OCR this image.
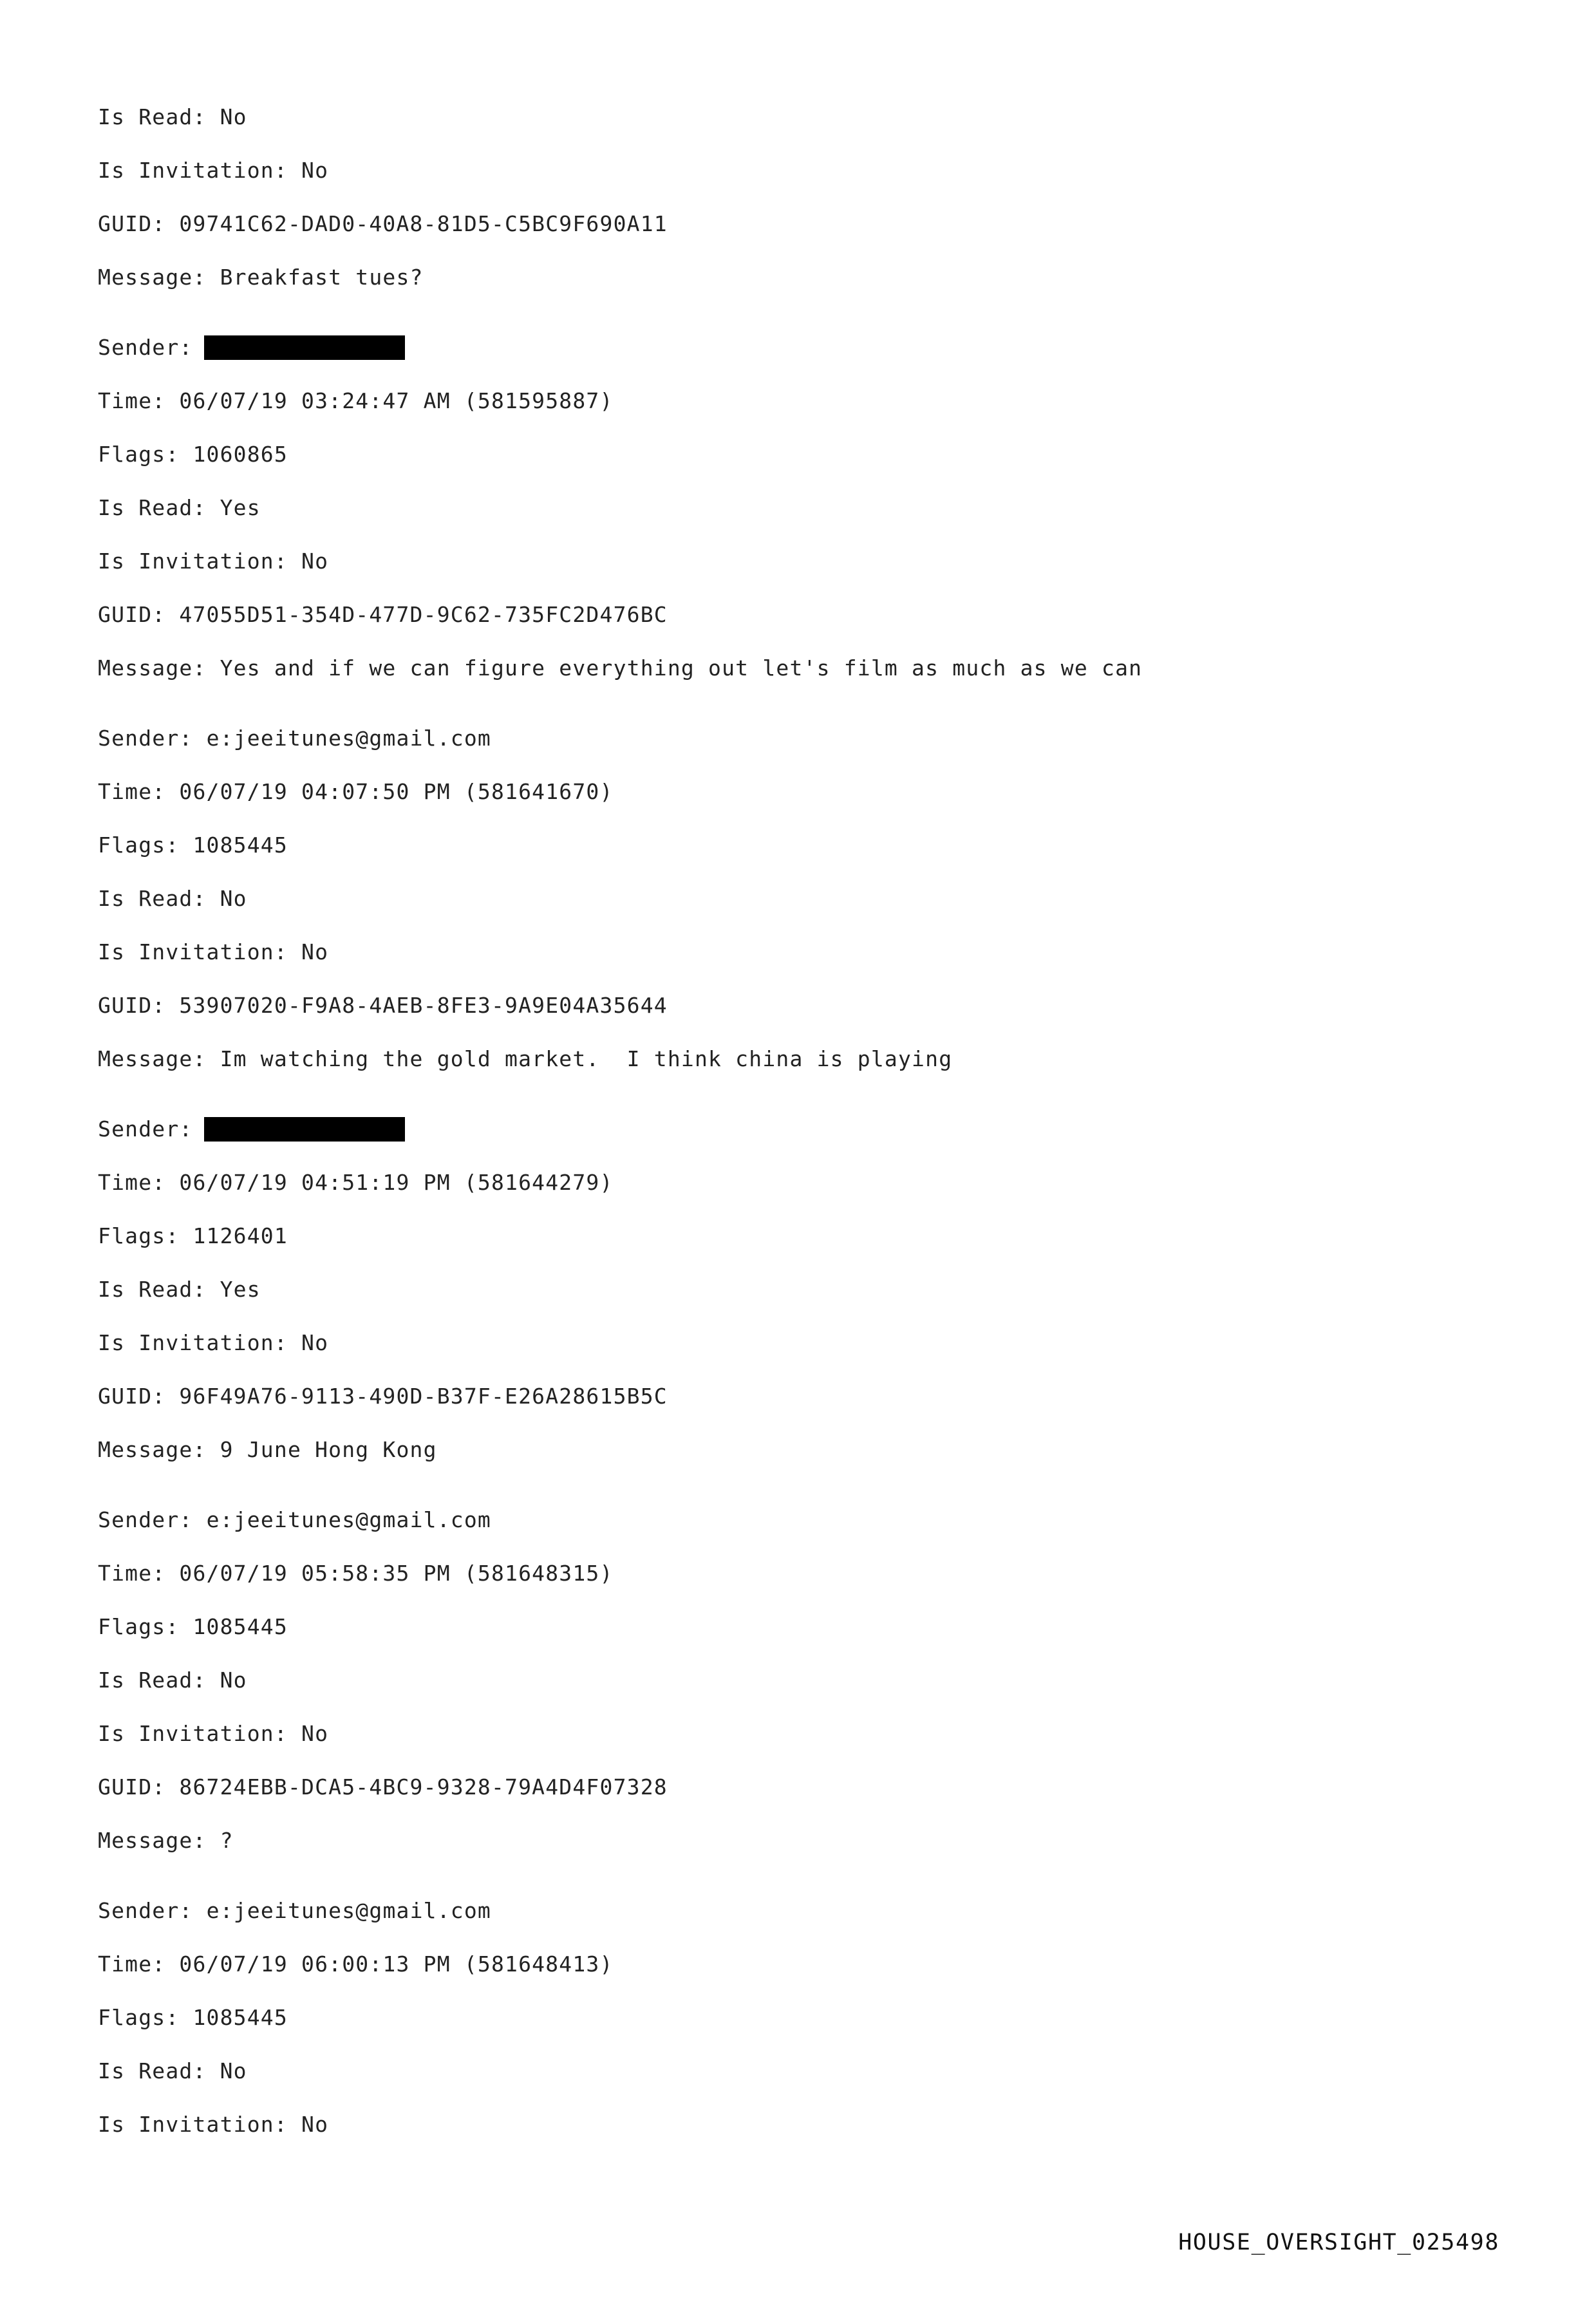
Is Read: No
Is Invitation: No
GUID: 09741C62-DAD0-40A8-81D5-C5BC9F690A11
Message: Breakfast tues?
Sender:
Time: 06/07/19 03:24:47 AM (581595887)
Flags: 1060865
Is Read: Yes
Is Invitation: No
GUID: 47055D51-354D-477D-9C62-735FC2D476BC
Message: Yes and if we can figure everything out let's film as much as we can
Sender: e:jeeitunes@gmail.com
Time: 06/07/19 04:07:50 PM (581641670)
Flags: 1085445
Is Read: No
Is Invitation: No
GUID: 53907020-F9A8-4AEB-8FE3-9A9E04A35644
Message: Im watching the gold market.  I think china is playing
Sender:
Time: 06/07/19 04:51:19 PM (581644279)
Flags: 1126401
Is Read: Yes
Is Invitation: No
GUID: 96F49A76-9113-490D-B37F-E26A28615B5C
Message: 9 June Hong Kong
Sender: e:jeeitunes@gmail.com
Time: 06/07/19 05:58:35 PM (581648315)
Flags: 1085445
Is Read: No
Is Invitation: No
GUID: 86724EBB-DCA5-4BC9-9328-79A4D4F07328
Message: ?
Sender: e:jeeitunes@gmail.com
Time: 06/07/19 06:00:13 PM (581648413)
Flags: 1085445
Is Read: No
Is Invitation: No
HOUSE_OVERSIGHT_025498
